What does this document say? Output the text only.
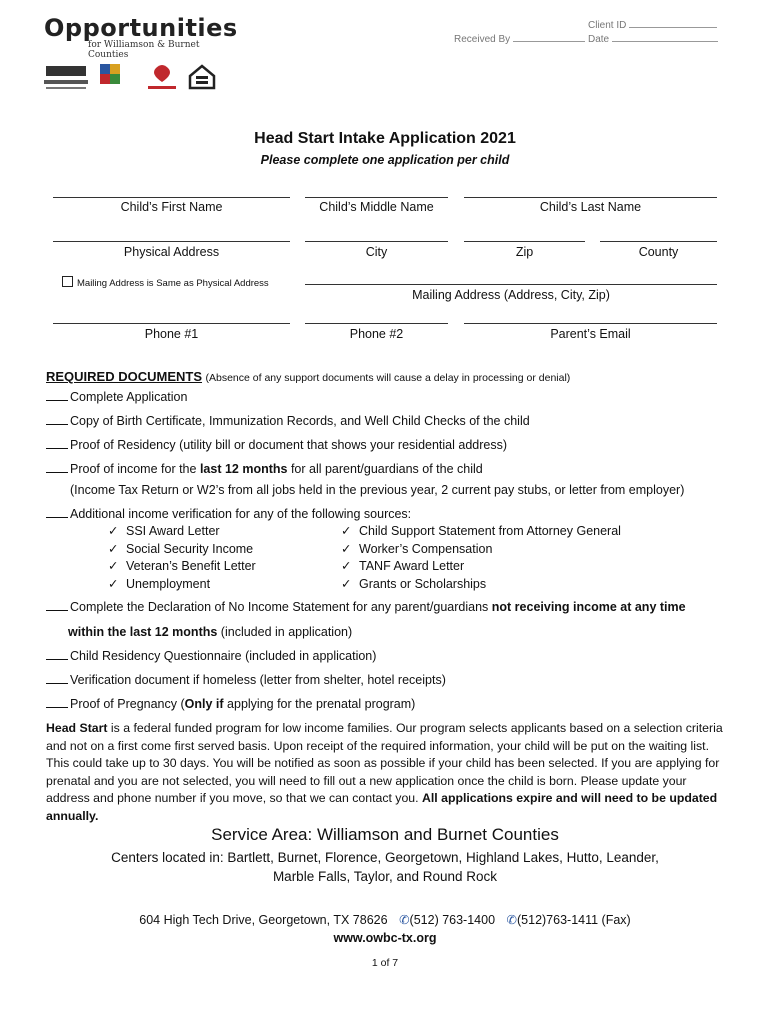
Opportunities
for Williamson & Burnet Counties
Client ID
Received By	Date
Head Start Intake Application 2021
Please complete one application per child
Child’s First Name	Child’s Middle Name	Child’s Last Name
Physical Address	City	Zip	County
Mailing Address is Same as Physical Address
Mailing Address (Address, City, Zip)
Phone #1	Phone #2	Parent’s Email
REQUIRED DOCUMENTS (Absence of any support documents will cause a delay in processing or denial)
Complete Application
Copy of Birth Certificate, Immunization Records, and Well Child Checks of the child
Proof of Residency (utility bill or document that shows your residential address)
Proof of income for the last 12 months for all parent/guardians of the child
(Income Tax Return or W2’s from all jobs held in the previous year, 2 current pay stubs, or letter from employer)
Additional income verification for any of the following sources:
✓ SSI Award Letter
✓ Social Security Income
✓ Veteran’s Benefit Letter
✓ Unemployment
✓ Child Support Statement from Attorney General
✓ Worker’s Compensation
✓ TANF Award Letter
✓ Grants or Scholarships
Complete the Declaration of No Income Statement for any parent/guardians not receiving income at any time
within the last 12 months (included in application)
Child Residency Questionnaire (included in application)
Verification document if homeless (letter from shelter, hotel receipts)
Proof of Pregnancy (Only if applying for the prenatal program)
Head Start is a federal funded program for low income families. Our program selects applicants based on a selection criteria and not on a first come first served basis. Upon receipt of the required information, your child will be put on the waiting list. This could take up to 30 days. You will be notified as soon as possible if your child has been selected. If you are applying for prenatal and you are not selected, you will need to fill out a new application once the child is born. Please update your address and phone number if you move, so that we can contact you. All applications expire and will need to be updated annually.
Service Area: Williamson and Burnet Counties
Centers located in: Bartlett, Burnet, Florence, Georgetown, Highland Lakes, Hutto, Leander,
Marble Falls, Taylor, and Round Rock
604 High Tech Drive, Georgetown, TX 78626 ✆(512) 763-1400 ✆(512)763-1411 (Fax)
www.owbc-tx.org
1 of 7
